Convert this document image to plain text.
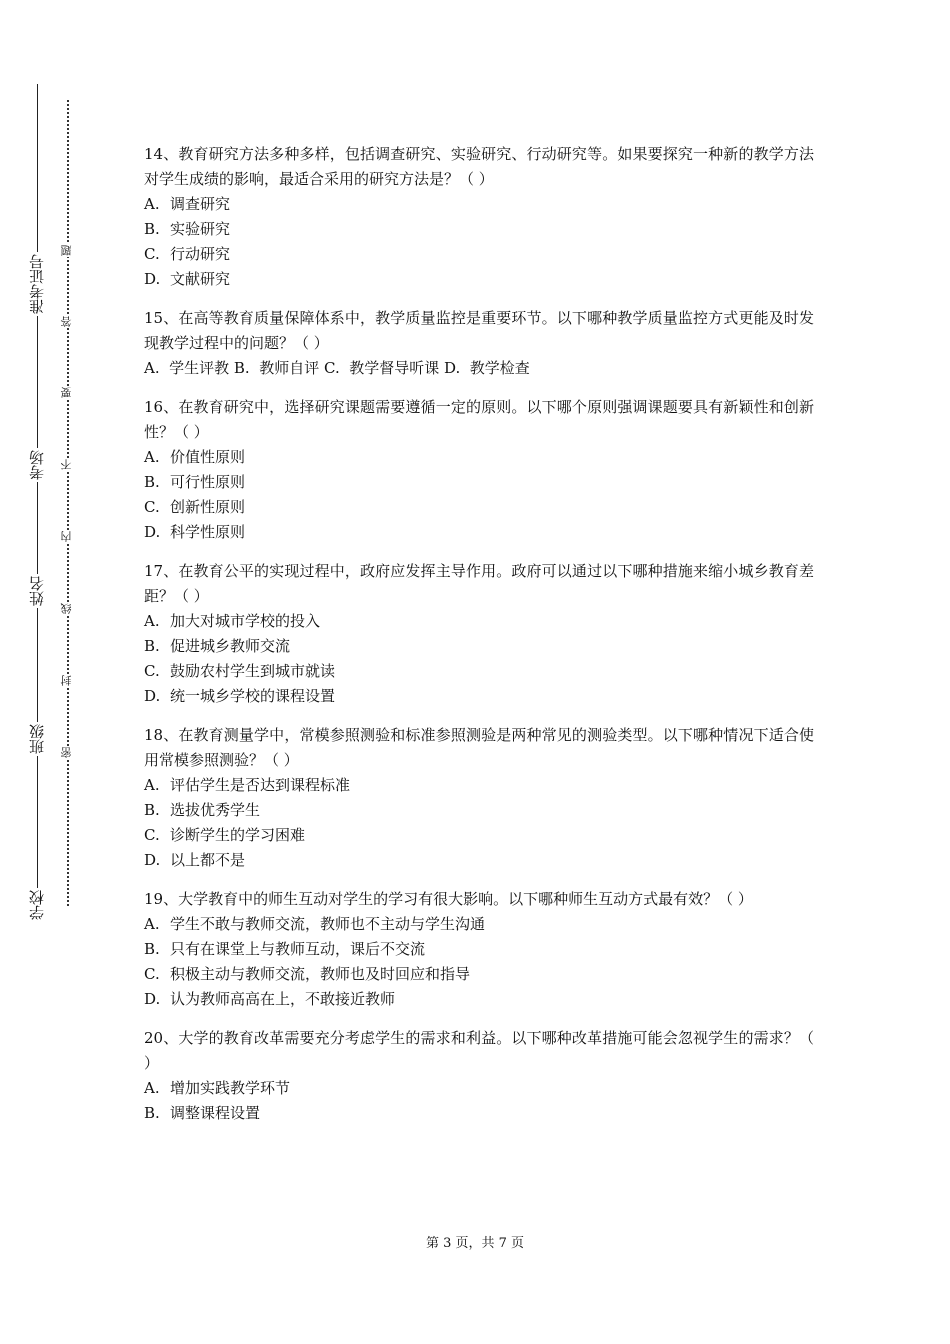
准考证号
考场
姓名
班级
学校
题
答
要
不
内
线
封
密

14、教育研究方法多种多样，包括调查研究、实验研究、行动研究等。如果要探究一种新的教学方法对学生成绩的影响，最适合采用的研究方法是？（ ）

A. 调查研究

B. 实验研究

C. 行动研究

D. 文献研究

15、在高等教育质量保障体系中，教学质量监控是重要环节。以下哪种教学质量监控方式更能及时发现教学过程中的问题？（ ）

A.  学生评教 B.  教师自评 C.  教学督导听课 D.  教学检查

16、在教育研究中，选择研究课题需要遵循一定的原则。以下哪个原则强调课题要具有新颖性和创新性？（ ）

A. 价值性原则

B. 可行性原则

C. 创新性原则

D. 科学性原则

17、在教育公平的实现过程中，政府应发挥主导作用。政府可以通过以下哪种措施来缩小城乡教育差距？（ ）

A. 加大对城市学校的投入

B. 促进城乡教师交流

C. 鼓励农村学生到城市就读

D. 统一城乡学校的课程设置

18、在教育测量学中，常模参照测验和标准参照测验是两种常见的测验类型。以下哪种情况下适合使用常模参照测验？（ ）

A. 评估学生是否达到课程标准

B. 选拔优秀学生

C. 诊断学生的学习困难

D. 以上都不是

19、大学教育中的师生互动对学生的学习有很大影响。以下哪种师生互动方式最有效？（ ）

A. 学生不敢与教师交流，教师也不主动与学生沟通

B. 只有在课堂上与教师互动，课后不交流

C. 积极主动与教师交流，教师也及时回应和指导

D. 认为教师高高在上，不敢接近教师

20、大学的教育改革需要充分考虑学生的需求和利益。以下哪种改革措施可能会忽视学生的需求？（ ）

A. 增加实践教学环节

B. 调整课程设置

第 3 页，共 7 页
